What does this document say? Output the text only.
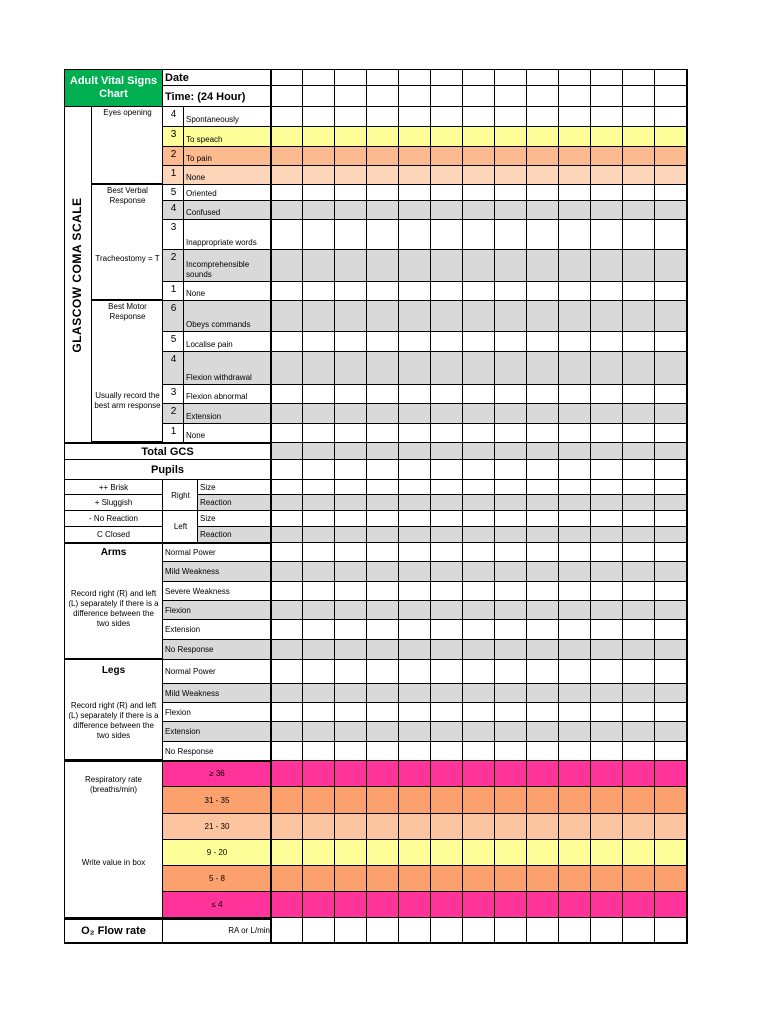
Adult Vital Signs Chart
Date
Time: (24 Hour)
GLASCOW COMA SCALE
Eyes opening
Best Verbal Response
Tracheostomy = T
Best Motor Response
Usually record the best arm response
4 Spontaneously
3 To speach
2 To pain
1 None
5 Oriented
4 Confused
3
Inappropriate words
2
Incomprehensible sounds
1 None
6
Obeys commands
5 Localise pain
4
Flexion withdrawal
3 Flexion abnormal
2 Extension
1 None
Total GCS
Pupils
++ Brisk
+ Sluggish
- No Reaction
C Closed
Right
Left
Size
Reaction
Size
Reaction
Arms
Record right (R) and left (L) separately if there is a difference between the two sides
Normal Power
Mild Weakness
Severe Weakness
Flexion
Extension
No Response
Legs
Record right (R) and left (L) separately if there is a difference between the two sides
Normal Power
Mild Weakness
Flexion
Extension
No Response
Respiratory rate (breaths/min)
Write value in box
≥ 36
31 - 35
21 - 30
9 - 20
5 - 8
≤ 4
O₂ Flow rate	RA or L/min
